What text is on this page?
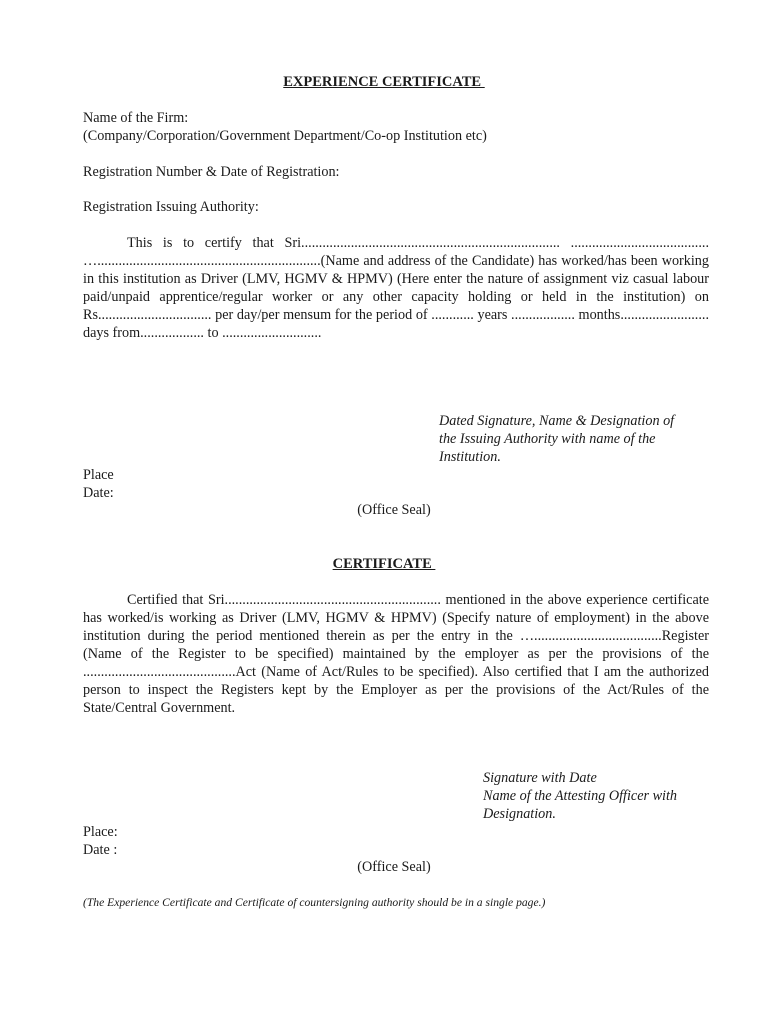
EXPERIENCE CERTIFICATE
Name of the Firm:
(Company/Corporation/Government Department/Co-op Institution etc)
Registration Number & Date of Registration:
Registration Issuing Authority:
This is to certify that Sri......................................................................... ....................................... …...............................................................(Name and address of the Candidate) has worked/has been working in this institution as Driver (LMV, HGMV & HPMV) (Here enter the nature of assignment viz casual labour paid/unpaid apprentice/regular worker or any other capacity holding or held in the institution) on Rs................................ per day/per mensum for the period of ............ years .................. months......................... days from.................. to ............................
Dated Signature, Name & Designation of
the Issuing Authority with name of the
Institution.
Place
Date:
(Office Seal)
CERTIFICATE
Certified that Sri............................................................. mentioned in the above experience certificate has worked/is working as Driver (LMV, HGMV & HPMV) (Specify nature of employment) in the above institution during the period mentioned therein as per the entry in the …....................................Register (Name of the Register to be specified) maintained by the employer as per the provisions of the ...........................................Act (Name of Act/Rules to be specified). Also certified that I am the authorized person to inspect the Registers kept by the Employer as per the provisions of the Act/Rules of the State/Central Government.
Signature with Date
Name of the Attesting Officer with
Designation.
Place:
Date :
(Office Seal)
(The Experience Certificate and Certificate of countersigning authority should be in a single page.)
